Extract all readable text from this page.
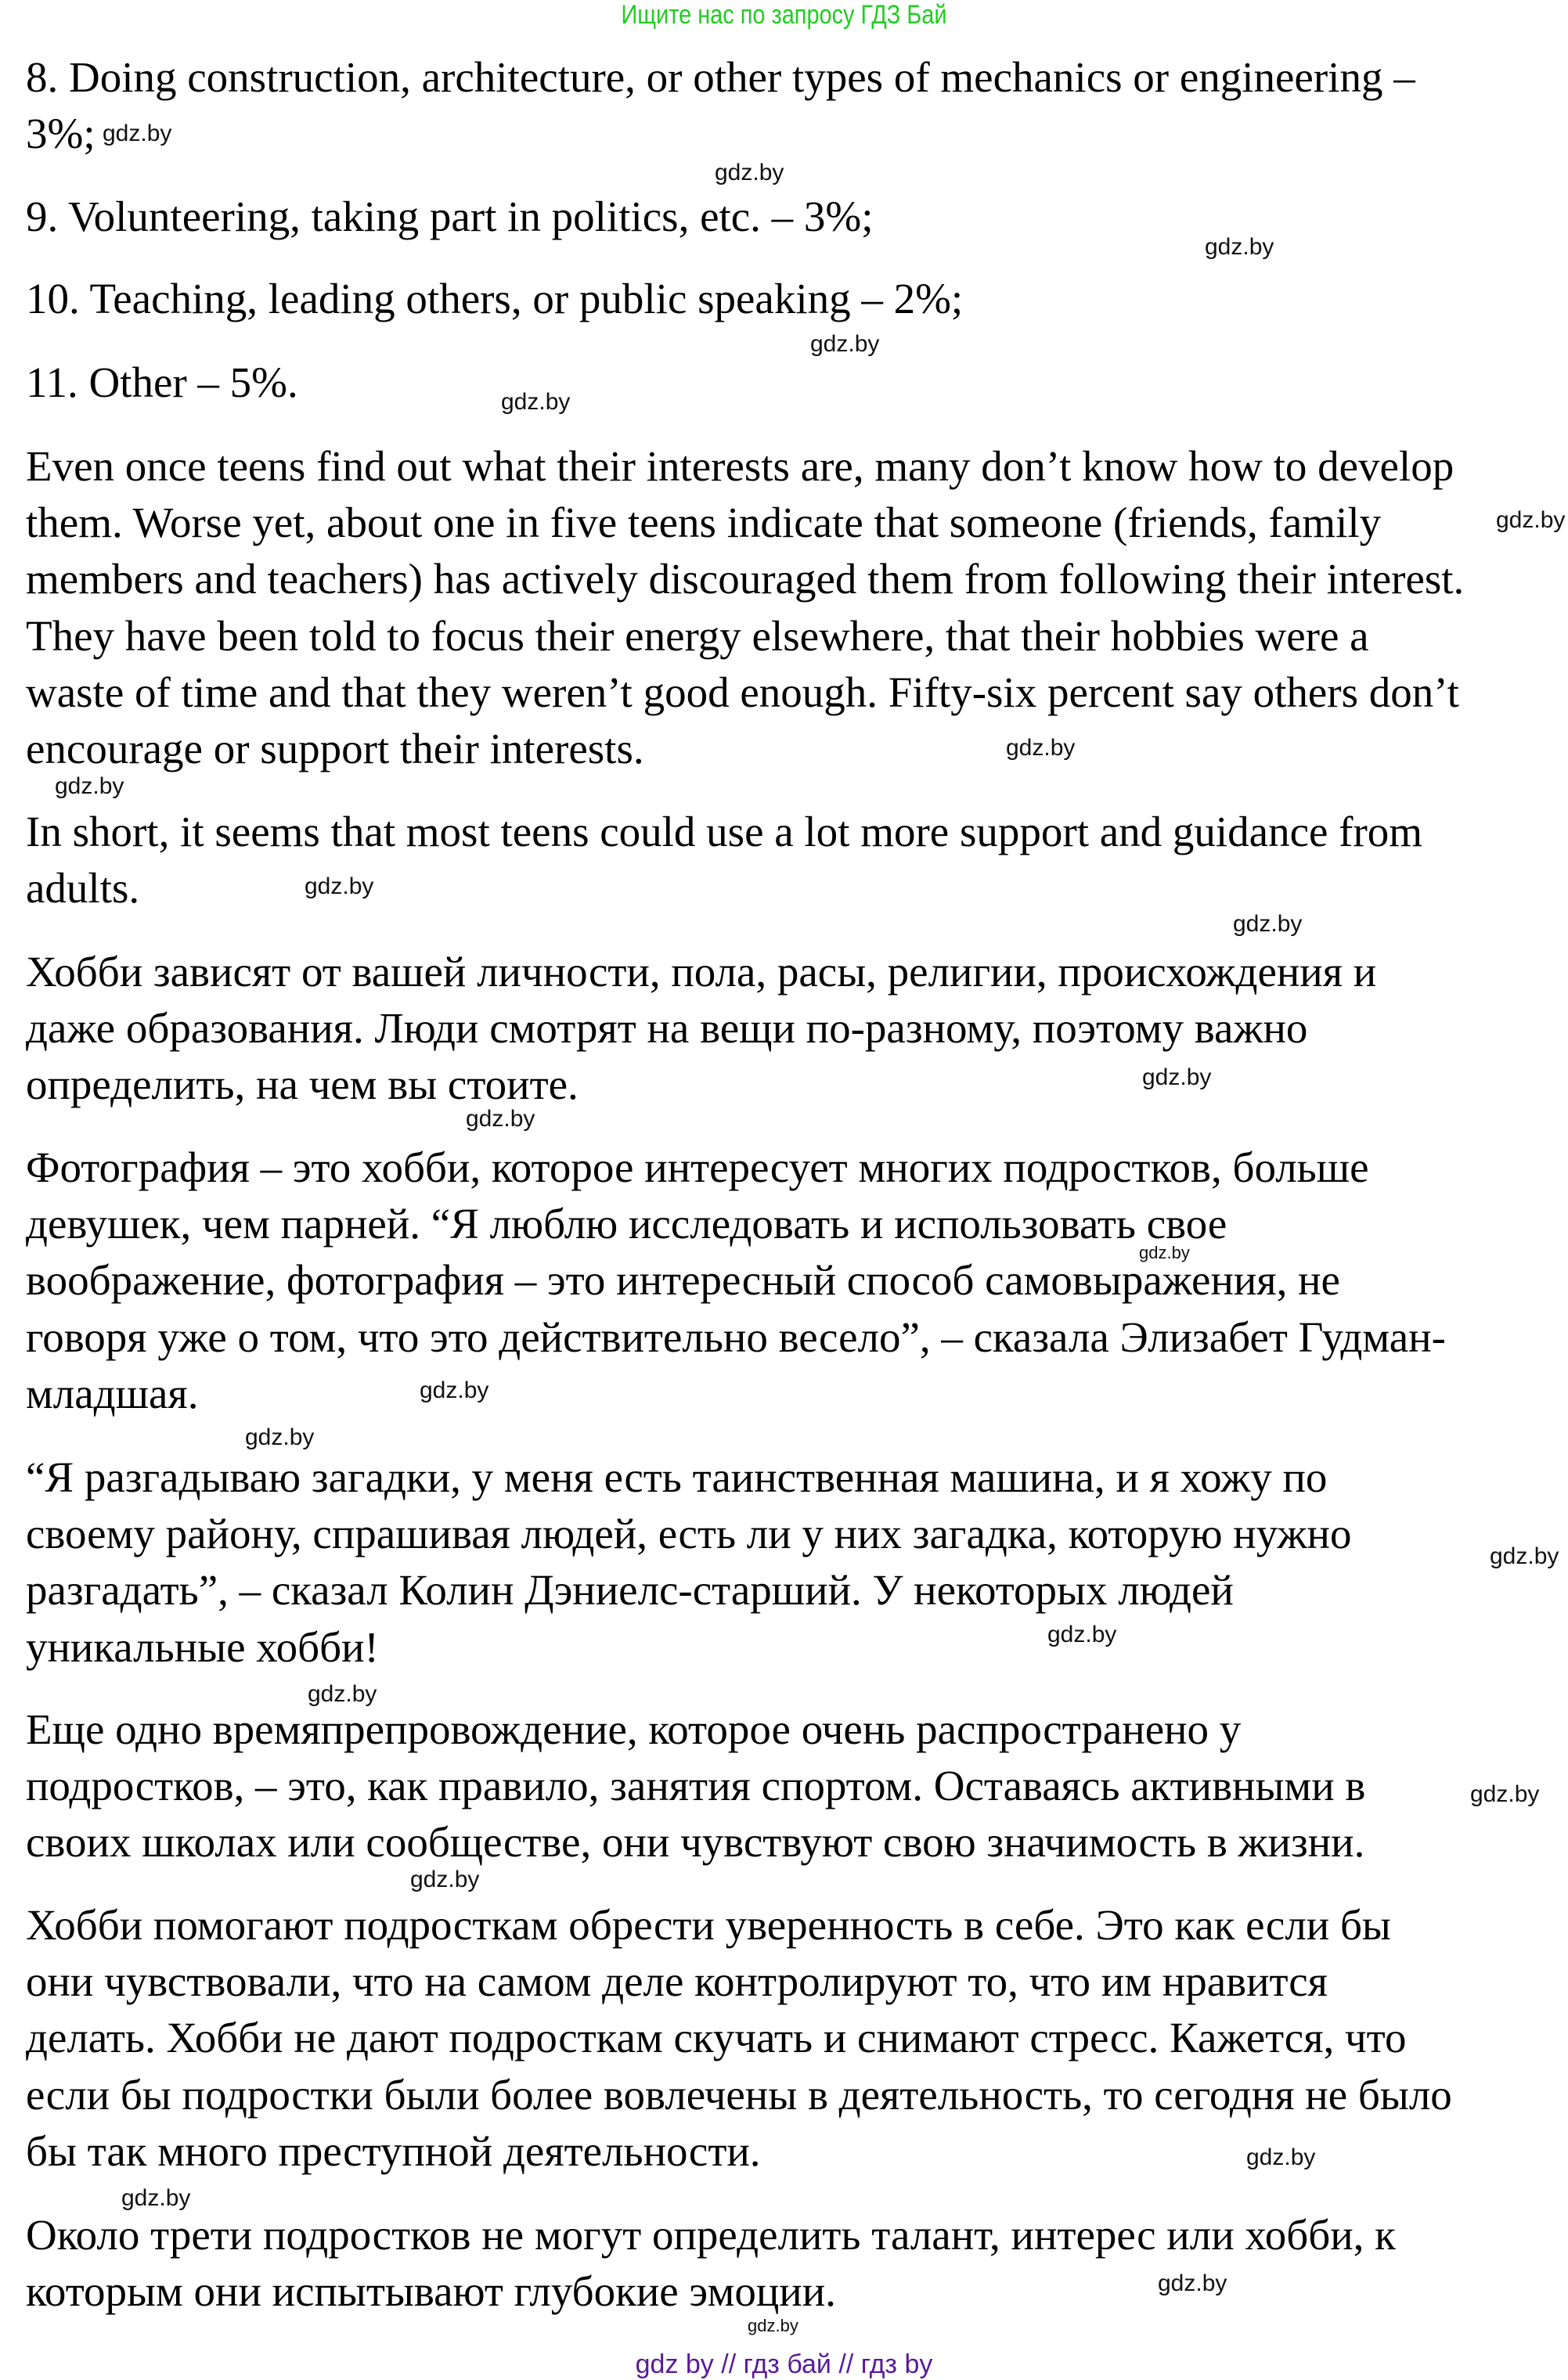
Ищите нас по запросу ГДЗ Бай
8. Doing construction, architecture, or other types of mechanics or engineering –
3%;
9. Volunteering, taking part in politics, etc. – 3%;
10. Teaching, leading others, or public speaking – 2%;
11. Other – 5%.
Even once teens find out what their interests are, many don’t know how to develop
them. Worse yet, about one in five teens indicate that someone (friends, family
members and teachers) has actively discouraged them from following their interest.
They have been told to focus their energy elsewhere, that their hobbies were a
waste of time and that they weren’t good enough. Fifty-six percent say others don’t
encourage or support their interests.
In short, it seems that most teens could use a lot more support and guidance from
adults.
Хобби зависят от вашей личности, пола, расы, религии, происхождения и
даже образования. Люди смотрят на вещи по-разному, поэтому важно
определить, на чем вы стоите.
Фотография – это хобби, которое интересует многих подростков, больше
девушек, чем парней. “Я люблю исследовать и использовать свое
воображение, фотография – это интересный способ самовыражения, не
говоря уже о том, что это действительно весело”, – сказала Элизабет Гудман-
младшая.
“Я разгадываю загадки, у меня есть таинственная машина, и я хожу по
своему району, спрашивая людей, есть ли у них загадка, которую нужно
разгадать”, – сказал Колин Дэниелс-старший. У некоторых людей
уникальные хобби!
Еще одно времяпрепровождение, которое очень распространено у
подростков, – это, как правило, занятия спортом. Оставаясь активными в
своих школах или сообществе, они чувствуют свою значимость в жизни.
Хобби помогают подросткам обрести уверенность в себе. Это как если бы
они чувствовали, что на самом деле контролируют то, что им нравится
делать. Хобби не дают подросткам скучать и снимают стресс. Кажется, что
если бы подростки были более вовлечены в деятельность, то сегодня не было
бы так много преступной деятельности.
Около трети подростков не могут определить талант, интерес или хобби, к
которым они испытывают глубокие эмоции.
gdz.by
gdz.by
gdz.by
gdz.by
gdz.by
gdz.by
gdz.by
gdz.by
gdz.by
gdz.by
gdz.by
gdz.by
gdz.by
gdz.by
gdz.by
gdz.by
gdz.by
gdz.by
gdz.by
gdz.by
gdz.by
gdz.by
gdz.by
gdz.by
gdz by // гдз бай // гдз by
